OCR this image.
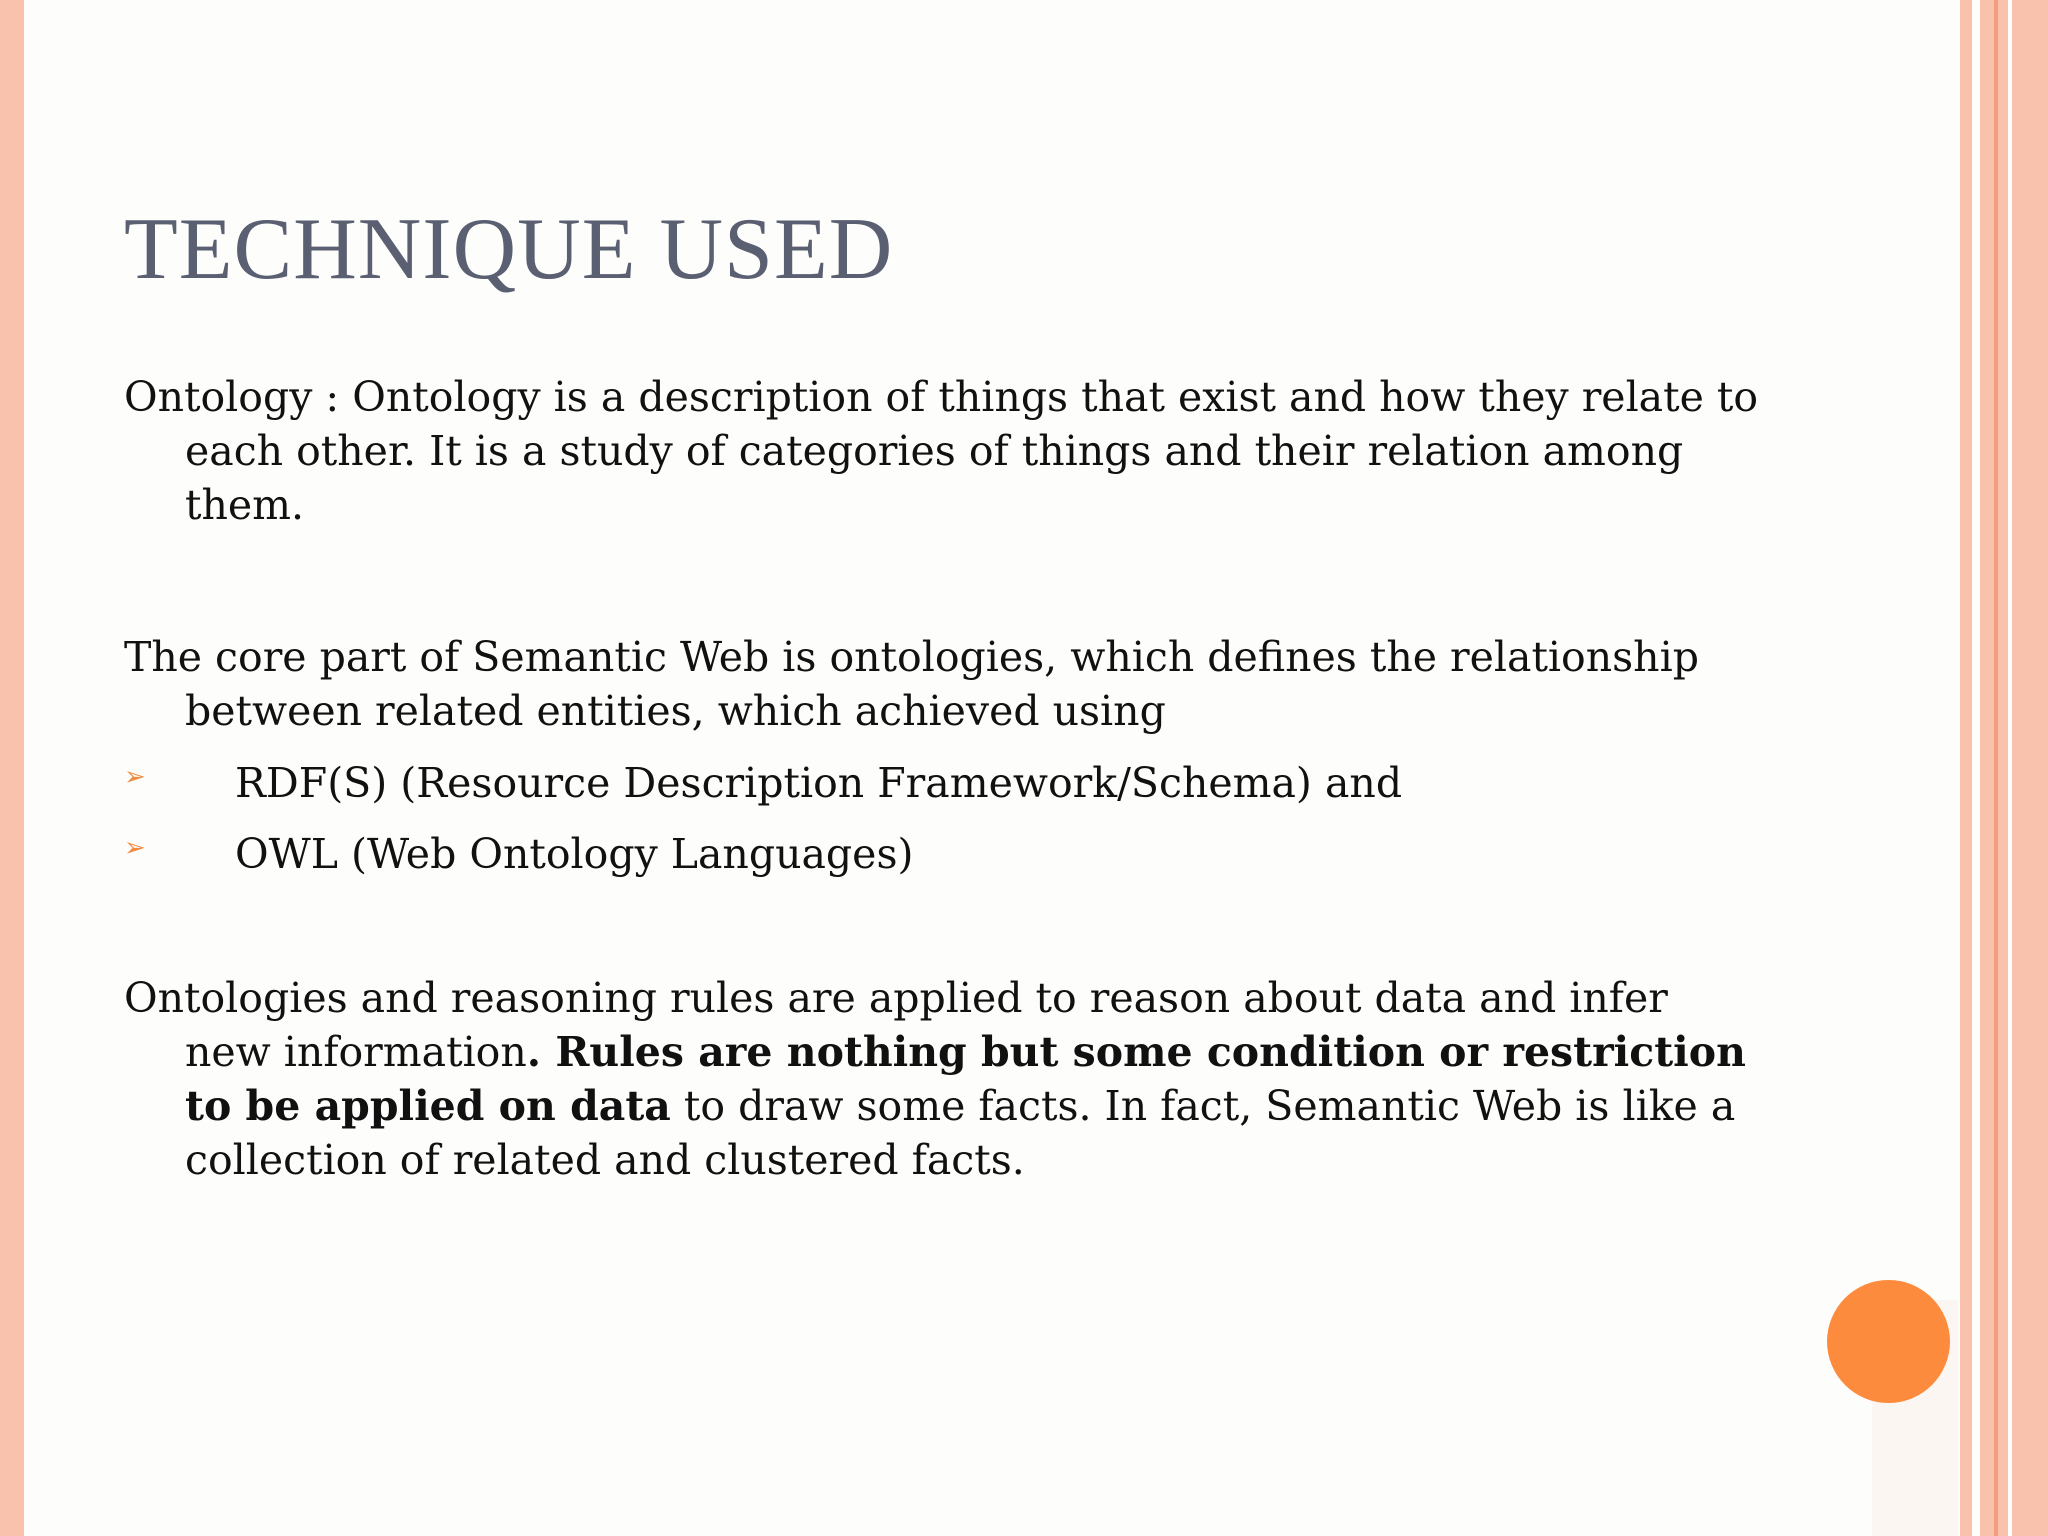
TECHNIQUE USED

Ontology : Ontology is a description of things that exist and how they relate to each other. It is a study of categories of things and their relation among them.

The core part of Semantic Web is ontologies, which defines the relationship between related entities, which achieved using

➢ RDF(S) (Resource Description Framework/Schema) and
➢ OWL (Web Ontology Languages)

Ontologies and reasoning rules are applied to reason about data and infer new information. Rules are nothing but some condition or restriction to be applied on data to draw some facts. In fact, Semantic Web is like a collection of related and clustered facts.
